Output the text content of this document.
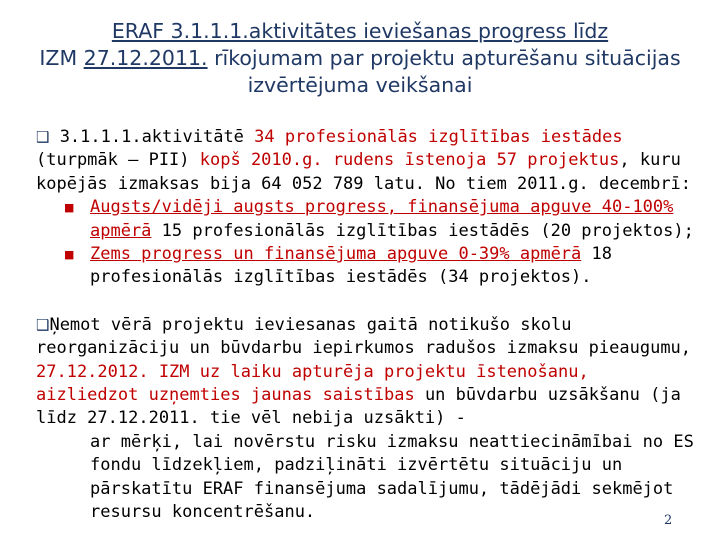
ERAF 3.1.1.1.aktivitātes ieviešanas progress līdz
IZM 27.12.2011. rīkojumam par projektu apturēšanu situācijas
izvērtējuma veikšanai

❑ 3.1.1.1.aktivitātē 34 profesionālās izglītības iestādes (turpmāk – PII) kopš 2010.g. rudens īstenoja 57 projektus, kuru kopējās izmaksas bija 64 052 789 latu. No tiem 2011.g. decembrī:

■ Augsts/vidēji augsts progress, finansējuma apguve 40-100% apmērā 15 profesionālās izglītības iestādēs (20 projektos);
■ Zems progress un finansējuma apguve 0-39% apmērā 18 profesionālās izglītības iestādēs (34 projektos).

❑Ņemot vērā projektu ieviesanas gaitā notikušo skolu reorganizāciju un būvdarbu iepirkumos radušos izmaksu pieaugumu, 27.12.2012. IZM uz laiku apturēja projektu īstenošanu, aizliedzot uzņemties jaunas saistības un būvdarbu uzsākšanu (ja līdz 27.12.2011. tie vēl nebija uzsākti) -

ar mērķi, lai novērstu risku izmaksu neattiecināmībai no ES fondu līdzekļiem, padziļināti izvērtētu situāciju un pārskatītu ERAF finansējuma sadalījumu, tādējādi sekmējot resursu koncentrēšanu.	2
